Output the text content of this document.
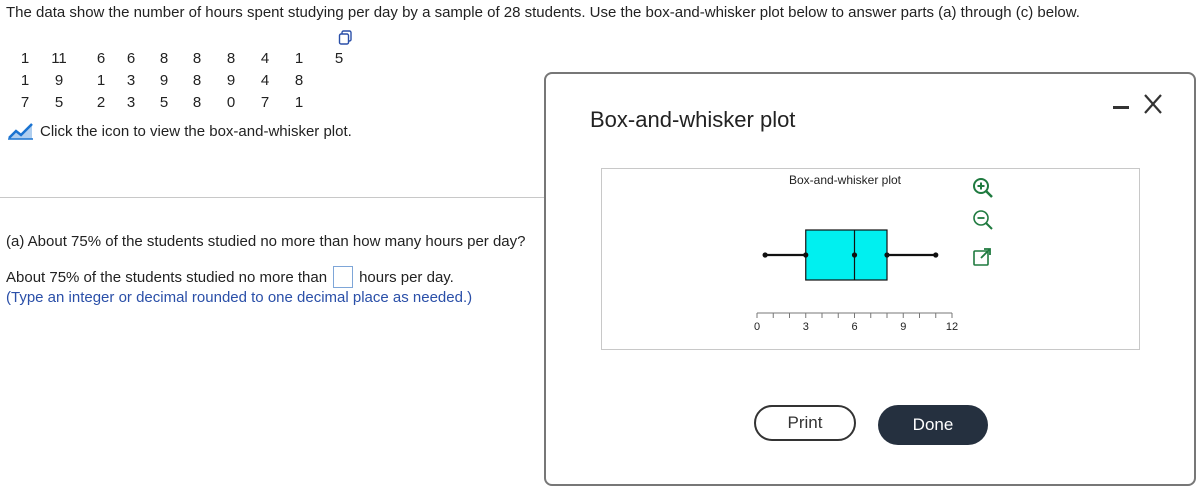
The data show the number of hours spent studying per day by a sample of 28 students. Use the box-and-whisker plot below to answer parts (a) through (c) below.
1	11	6	6	8	8	8	4	1	5
1	9	1	3	9	8	9	4	8
7	5	2	3	5	8	0	7	1
Click the icon to view the box-and-whisker plot.
(a) About 75% of the students studied no more than how many hours per day?
About 75% of the students studied no more than hours per day.
(Type an integer or decimal rounded to one decimal place as needed.)
Box-and-whisker plot
Box-and-whisker plot
0	3	6	9	12
Print	Done
